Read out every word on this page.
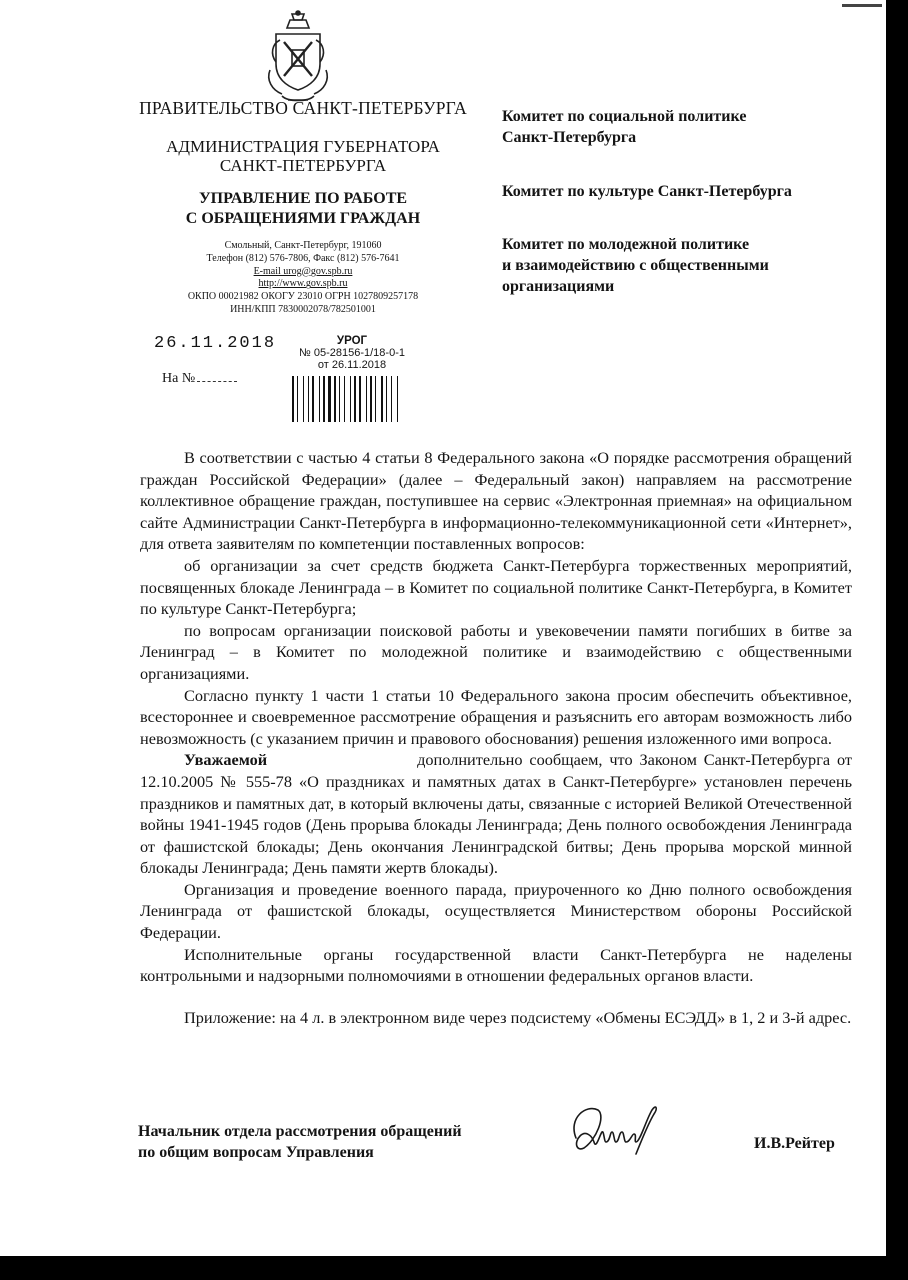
ПРАВИТЕЛЬСТВО САНКТ-ПЕТЕРБУРГА
АДМИНИСТРАЦИЯ ГУБЕРНАТОРА
САНКТ-ПЕТЕРБУРГА
УПРАВЛЕНИЕ ПО РАБОТЕ
С ОБРАЩЕНИЯМИ ГРАЖДАН
Смольный, Санкт-Петербург, 191060
Телефон (812) 576-7806, Факс (812) 576-7641
E-mail urog@gov.spb.ru
http://www.gov.spb.ru
ОКПО 00021982 ОКОГУ 23010 ОГРН 1027809257178
ИНН/КПП 7830002078/782501001
26.11.2018
На №
УРОГ
№ 05-28156-1/18-0-1
от 26.11.2018
Комитет по социальной политике
Санкт-Петербурга
Комитет по культуре Санкт-Петербурга
Комитет по молодежной политике
и взаимодействию с общественными
организациями

В соответствии с частью 4 статьи 8 Федерального закона «О порядке рассмотрения обращений граждан Российской Федерации» (далее – Федеральный закон) направляем на рассмотрение коллективное обращение граждан, поступившее на сервис «Электронная приемная» на официальном сайте Администрации Санкт-Петербурга в информационно-телекоммуникационной сети «Интернет», для ответа заявителям по компетенции поставленных вопросов:

об организации за счет средств бюджета Санкт-Петербурга торжественных мероприятий, посвященных блокаде Ленинграда – в Комитет по социальной политике Санкт-Петербурга, в Комитет по культуре Санкт-Петербурга;

по вопросам организации поисковой работы и увековечении памяти погибших в битве за Ленинград – в Комитет по молодежной политике и взаимодействию с общественными организациями.

Согласно пункту 1 части 1 статьи 10 Федерального закона просим обеспечить объективное, всестороннее и своевременное рассмотрение обращения и разъяснить его авторам возможность либо невозможность (с указанием причин и правового обоснования) решения изложенного ими вопроса.

Уважаемой	дополнительно сообщаем, что Законом Санкт-Петербурга от 12.10.2005 № 555-78 «О праздниках и памятных датах в Санкт-Петербурге» установлен перечень праздников и памятных дат, в который включены даты, связанные с историей Великой Отечественной войны 1941-1945 годов (День прорыва блокады Ленинграда; День полного освобождения Ленинграда от фашистской блокады; День окончания Ленинградской битвы; День прорыва морской минной блокады Ленинграда; День памяти жертв блокады).

Организация и проведение военного парада, приуроченного ко Дню полного освобождения Ленинграда от фашистской блокады, осуществляется Министерством обороны Российской Федерации.

Исполнительные органы государственной власти Санкт-Петербурга не наделены контрольными и надзорными полномочиями в отношении федеральных органов власти.

Приложение: на 4 л. в электронном виде через подсистему «Обмены ЕСЭДД» в 1, 2 и 3-й адрес.

Начальник отдела рассмотрения обращений
по общим вопросам Управления
И.В.Рейтер
